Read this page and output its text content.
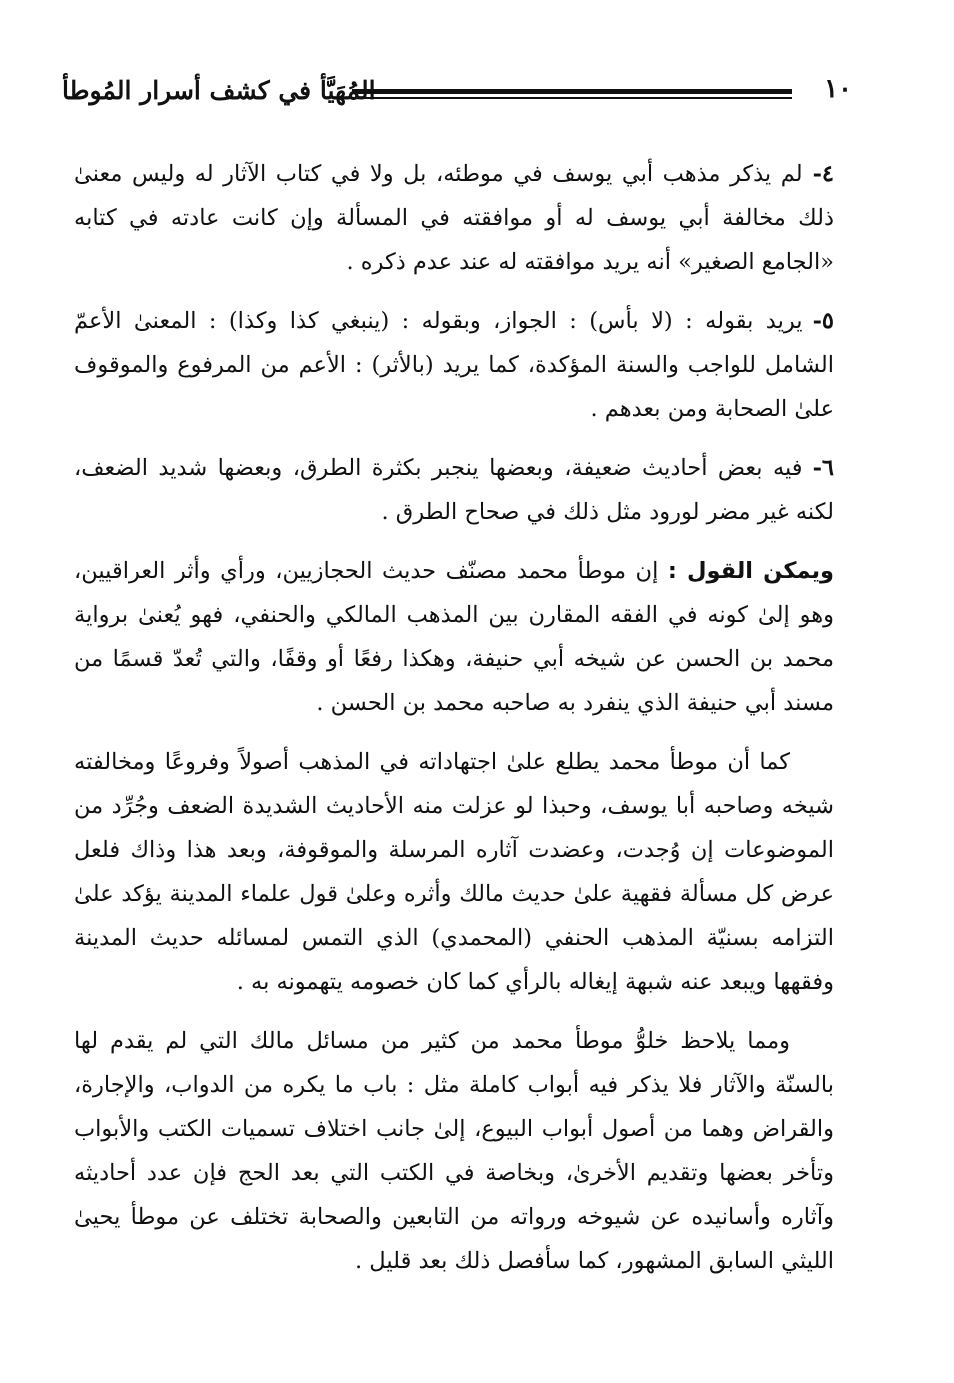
١٠
المُهَيَّأ في كشف أسرار المُوطأ

٤-لم يذكر مذهب أبي يوسف في موطئه، بل ولا في كتاب الآثار له وليس معنىٰ ذلك مخالفة أبي يوسف له أو موافقته في المسألة وإن كانت عادته في كتابه «الجامع الصغير» أنه يريد موافقته له عند عدم ذكره .

٥-يريد بقوله : (لا بأس) : الجواز، وبقوله : (ينبغي كذا وكذا) : المعنىٰ الأعمّ الشامل للواجب والسنة المؤكدة، كما يريد (بالأثر) : الأعم من المرفوع والموقوف علىٰ الصحابة ومن بعدهم .

٦-فيه بعض أحاديث ضعيفة، وبعضها ينجبر بكثرة الطرق، وبعضها شديد الضعف، لكنه غير مضر لورود مثل ذلك في صحاح الطرق .

ويمكن القول : إن موطأ محمد مصنّف حديث الحجازيين، ورأي وأثر العراقيين، وهو إلىٰ كونه في الفقه المقارن بين المذهب المالكي والحنفي، فهو يُعنىٰ برواية محمد بن الحسن عن شيخه أبي حنيفة، وهكذا رفعًا أو وقفًا، والتي تُعدّ قسمًا من مسند أبي حنيفة الذي ينفرد به صاحبه محمد بن الحسن .

كما أن موطأ محمد يطلع علىٰ اجتهاداته في المذهب أصولاً وفروعًا ومخالفته شيخه وصاحبه أبا يوسف، وحبذا لو عزلت منه الأحاديث الشديدة الضعف وجُرِّد من الموضوعات إن وُجدت، وعضدت آثاره المرسلة والموقوفة، وبعد هذا وذاك فلعل عرض كل مسألة فقهية علىٰ حديث مالك وأثره وعلىٰ قول علماء المدينة يؤكد علىٰ التزامه بسنيّة المذهب الحنفي (المحمدي) الذي التمس لمسائله حديث المدينة وفقهها ويبعد عنه شبهة إيغاله بالرأي كما كان خصومه يتهمونه به .

ومما يلاحظ خلوُّ موطأ محمد من كثير من مسائل مالك التي لم يقدم لها بالسنّة والآثار فلا يذكر فيه أبواب كاملة مثل : باب ما يكره من الدواب، والإجارة، والقراض وهما من أصول أبواب البيوع، إلىٰ جانب اختلاف تسميات الكتب والأبواب وتأخر بعضها وتقديم الأخرىٰ، وبخاصة في الكتب التي بعد الحج فإن عدد أحاديثه وآثاره وأسانيده عن شيوخه ورواته من التابعين والصحابة تختلف عن موطأ يحيىٰ الليثي السابق المشهور، كما سأفصل ذلك بعد قليل .
